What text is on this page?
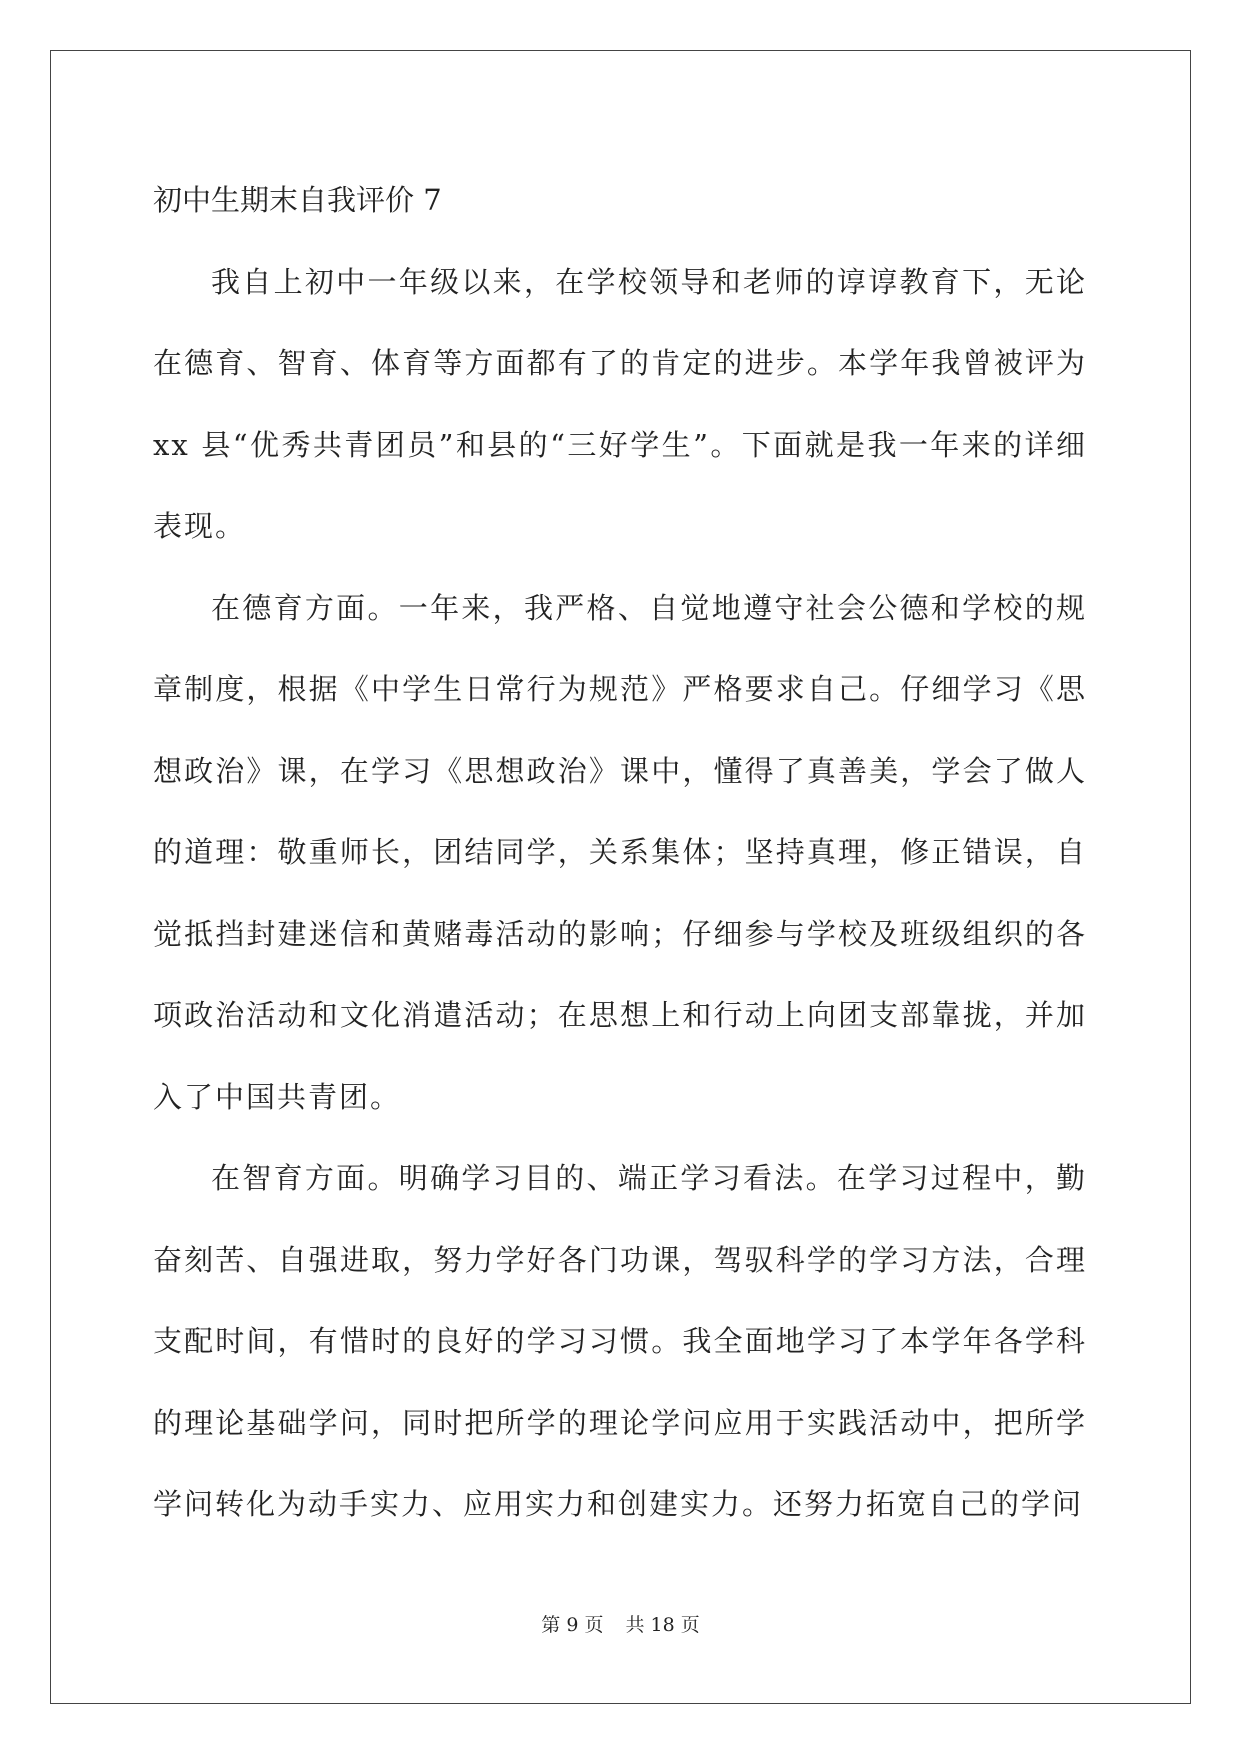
初中生期末自我评价 7

我自上初中一年级以来，在学校领导和老师的谆谆教育下，无论在德育、智育、体育等方面都有了的肯定的进步。本学年我曾被评为 xx 县“优秀共青团员”和县的“三好学生”。下面就是我一年来的详细表现。

在德育方面。一年来，我严格、自觉地遵守社会公德和学校的规章制度，根据《中学生日常行为规范》严格要求自己。仔细学习《思想政治》课，在学习《思想政治》课中，懂得了真善美，学会了做人的道理：敬重师长，团结同学，关系集体；坚持真理，修正错误，自觉抵挡封建迷信和黄赌毒活动的影响；仔细参与学校及班级组织的各项政治活动和文化消遣活动；在思想上和行动上向团支部靠拢，并加入了中国共青团。

在智育方面。明确学习目的、端正学习看法。在学习过程中，勤奋刻苦、自强进取，努力学好各门功课，驾驭科学的学习方法，合理支配时间，有惜时的良好的学习习惯。我全面地学习了本学年各学科的理论基础学问，同时把所学的理论学问应用于实践活动中，把所学学问转化为动手实力、应用实力和创建实力。还努力拓宽自己的学问

第 9 页 共 18 页
